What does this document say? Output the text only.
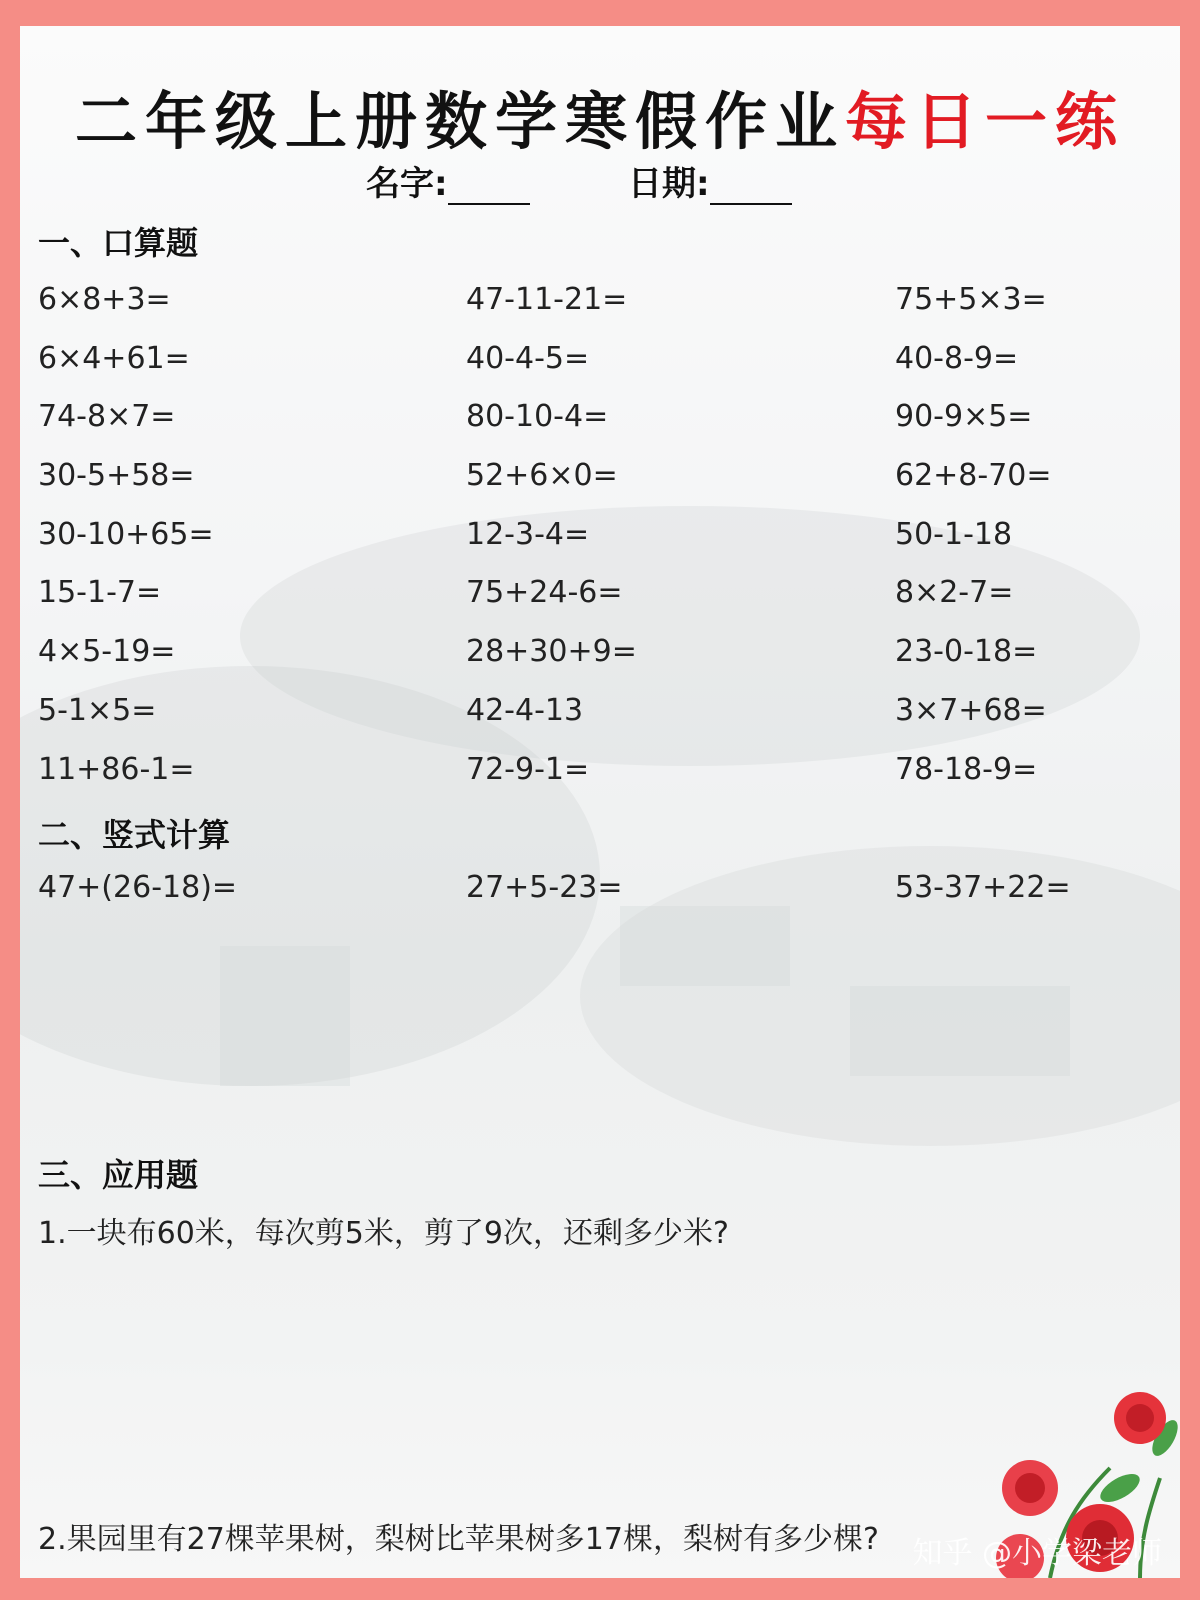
二年级上册数学寒假作业每日一练
名字:	日期:
一、口算题
6×8+3=	47-11-21=	75+5×3=
6×4+61=	40-4-5=	40-8-9=
74-8×7=	80-10-4=	90-9×5=
30-5+58=	52+6×0=	62+8-70=
30-10+65=	12-3-4=	50-1-18
15-1-7=	75+24-6=	8×2-7=
4×5-19=	28+30+9=	23-0-18=
5-1×5=	42-4-13	3×7+68=
11+86-1=	72-9-1=	78-18-9=
二、竖式计算
47+(26-18)=	27+5-23=	53-37+22=
三、应用题
1.一块布60米，每次剪5米，剪了9次，还剩多少米?
2.果园里有27棵苹果树，梨树比苹果树多17棵，梨树有多少棵? 知乎 @小学梁老师
